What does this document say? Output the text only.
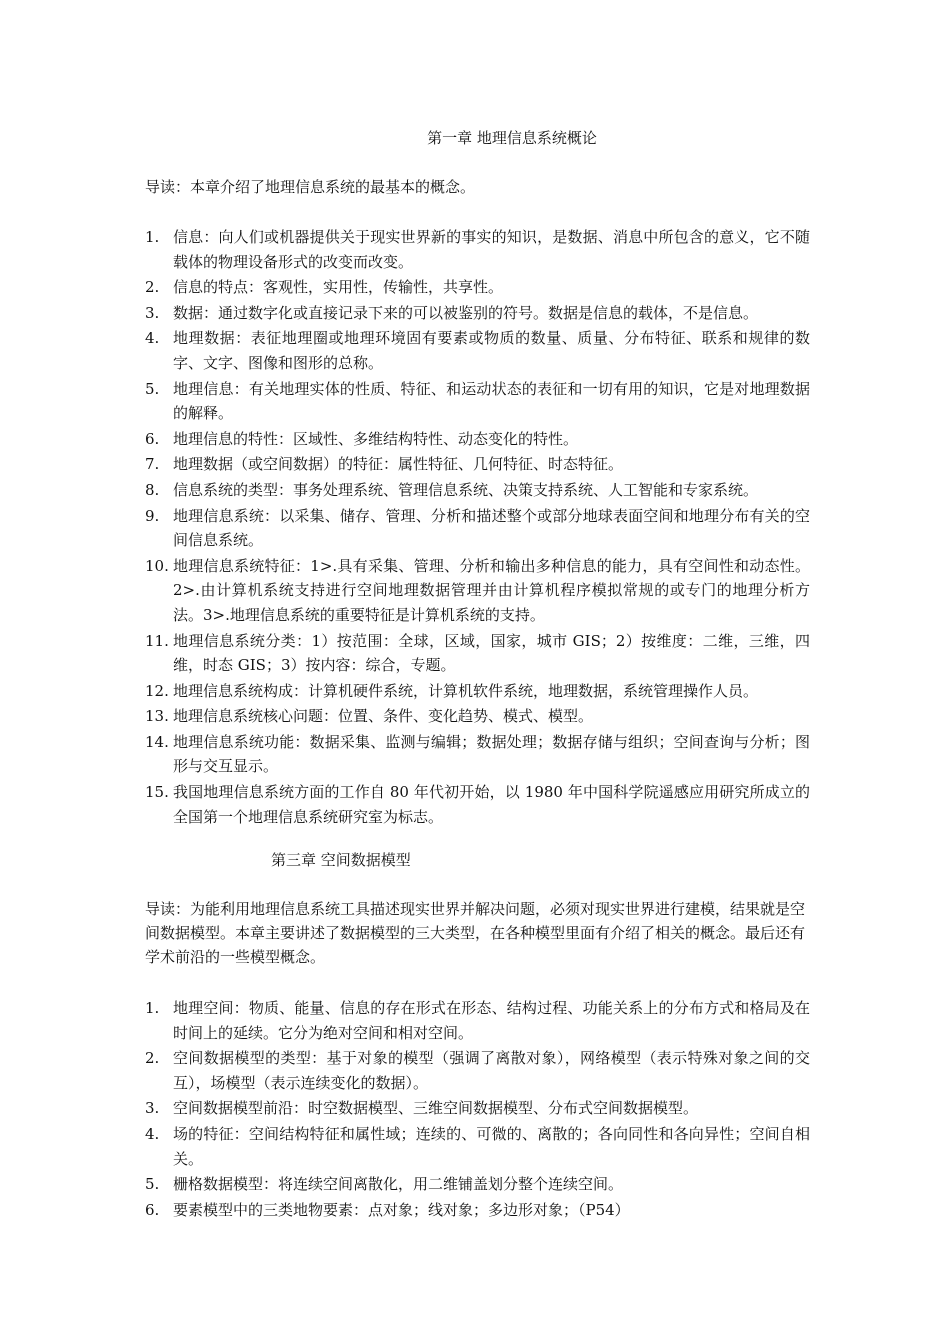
第一章 地理信息系统概论
导读：本章介绍了地理信息系统的最基本的概念。
1. 信息：向人们或机器提供关于现实世界新的事实的知识，是数据、消息中所包含的意义，它不随载体的物理设备形式的改变而改变。
2. 信息的特点：客观性，实用性，传输性，共享性。
3. 数据：通过数字化或直接记录下来的可以被鉴别的符号。数据是信息的载体，不是信息。
4. 地理数据：表征地理圈或地理环境固有要素或物质的数量、质量、分布特征、联系和规律的数字、文字、图像和图形的总称。
5. 地理信息：有关地理实体的性质、特征、和运动状态的表征和一切有用的知识，它是对地理数据的解释。
6. 地理信息的特性：区域性、多维结构特性、动态变化的特性。
7. 地理数据（或空间数据）的特征：属性特征、几何特征、时态特征。
8. 信息系统的类型：事务处理系统、管理信息系统、决策支持系统、人工智能和专家系统。
9. 地理信息系统：以采集、储存、管理、分析和描述整个或部分地球表面空间和地理分布有关的空间信息系统。
10. 地理信息系统特征：1>.具有采集、管理、分析和输出多种信息的能力，具有空间性和动态性。2>.由计算机系统支持进行空间地理数据管理并由计算机程序模拟常规的或专门的地理分析方法。3>.地理信息系统的重要特征是计算机系统的支持。
11. 地理信息系统分类：1）按范围：全球，区域，国家，城市 GIS；2）按维度：二维，三维，四维，时态 GIS；3）按内容：综合，专题。
12. 地理信息系统构成：计算机硬件系统，计算机软件系统，地理数据，系统管理操作人员。
13. 地理信息系统核心问题：位置、条件、变化趋势、模式、模型。
14. 地理信息系统功能：数据采集、监测与编辑；数据处理；数据存储与组织；空间查询与分析；图形与交互显示。
15. 我国地理信息系统方面的工作自 80 年代初开始，以 1980 年中国科学院遥感应用研究所成立的全国第一个地理信息系统研究室为标志。
第三章 空间数据模型
导读：为能利用地理信息系统工具描述现实世界并解决问题，必须对现实世界进行建模，结果就是空间数据模型。本章主要讲述了数据模型的三大类型，在各种模型里面有介绍了相关的概念。最后还有学术前沿的一些模型概念。
1. 地理空间：物质、能量、信息的存在形式在形态、结构过程、功能关系上的分布方式和格局及在时间上的延续。它分为绝对空间和相对空间。
2. 空间数据模型的类型：基于对象的模型（强调了离散对象），网络模型（表示特殊对象之间的交互），场模型（表示连续变化的数据）。
3. 空间数据模型前沿：时空数据模型、三维空间数据模型、分布式空间数据模型。
4. 场的特征：空间结构特征和属性域；连续的、可微的、离散的；各向同性和各向异性；空间自相关。
5. 栅格数据模型：将连续空间离散化，用二维铺盖划分整个连续空间。
6. 要素模型中的三类地物要素：点对象；线对象；多边形对象；（P54）
